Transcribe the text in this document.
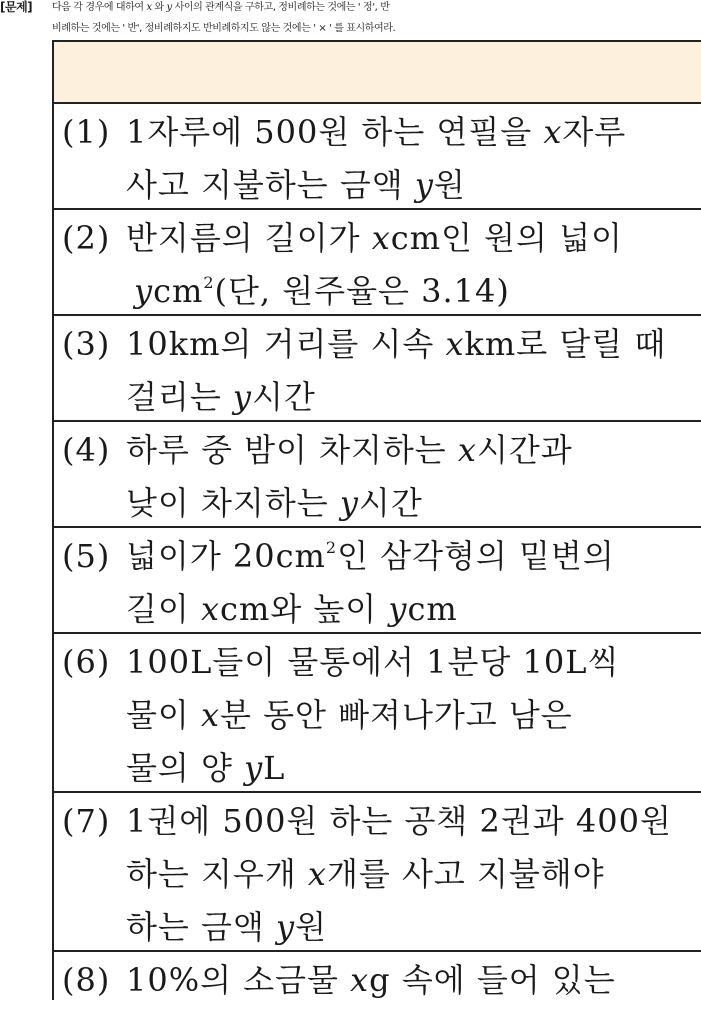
[문제] 다음 각 경우에 대하여 x 와 y 사이의 관계식을 구하고, 정비례하는 것에는 ' 정', 반
비례하는 것에는 ' 반', 정비례하지도 반비례하지도 않는 것에는 ' × ' 를 표시하여라.
(1) 1자루에 500원 하는 연필을 x자루
사고 지불하는 금액 y원
(2) 반지름의 길이가 xcm인 원의 넓이
ycm$^2$(단, 원주율은 3.14)
(3) 10km의 거리를 시속 xkm로 달릴 때
걸리는 y시간
(4) 하루 중 밤이 차지하는 x시간과
낮이 차지하는 y시간
(5) 넓이가 $20cm^2$인 삼각형의 밑변의
길이 xcm와 높이 ycm
(6) 100L들이 물통에서 1분당 10L씩
물이 x분 동안 빠져나가고 남은
물의 양 yL
(7) 1권에 500원 하는 공책 2권과 400원
하는 지우개 x개를 사고 지불해야
하는 금액 y원
(8) 10%의 소금물 xg 속에 들어 있는
